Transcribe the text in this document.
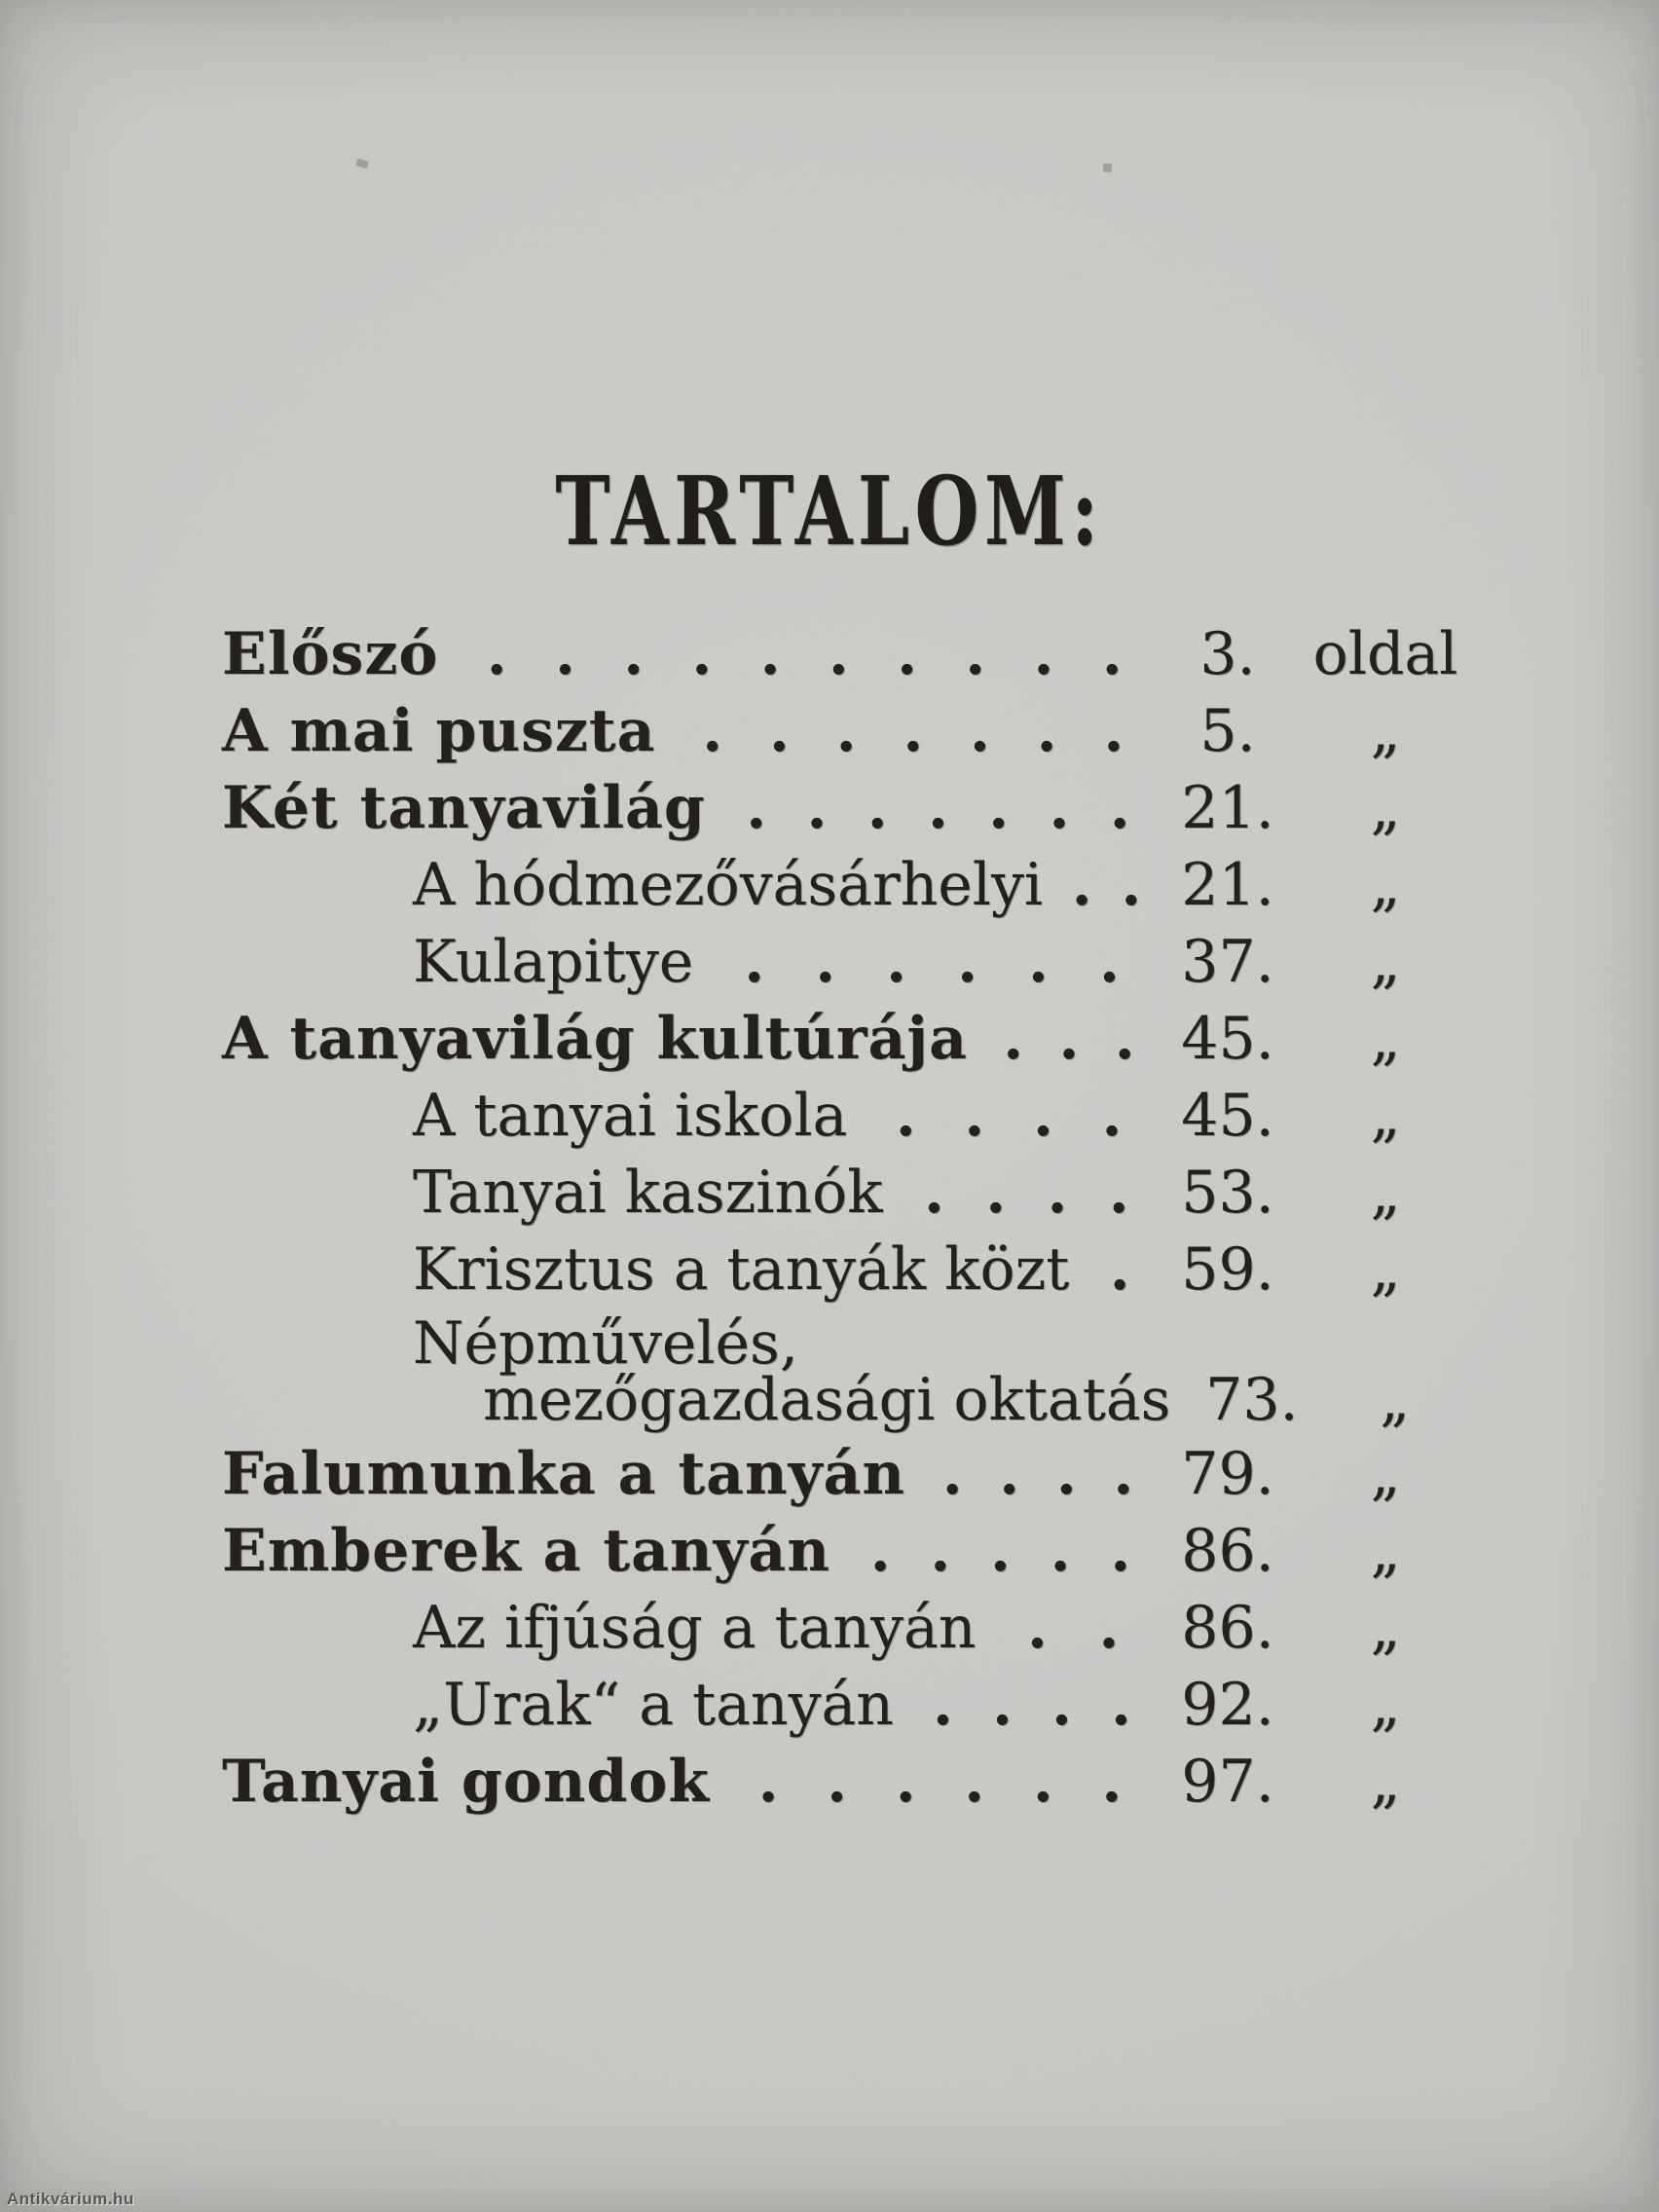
TARTALOM:
Előszó . . . . . . . . . .	3. oldal
A mai puszta . . . . . . .	5.	„
Két tanyavilág . . . . . . . 21.	„
A hódmezővásárhelyi . . 21.	„
Kulapitye . . . . . . 37.	„
A tanyavilág kultúrája . . . 45.	„
A tanyai iskola . . . . 45.	„
Tanyai kaszinók . . . . 53.	„
Krisztus a tanyák közt . 59.	„
Népművelés,
mezőgazdasági oktatás 73.	„
Falumunka a tanyán . . . . 79.	„
Emberek a tanyán . . . . . 86.	„
Az ifjúság a tanyán . . 86.	„
„Urak“ a tanyán . . . . 92.	„
Tanyai gondok . . . . . . 97.	„
Antikvárium.hu
